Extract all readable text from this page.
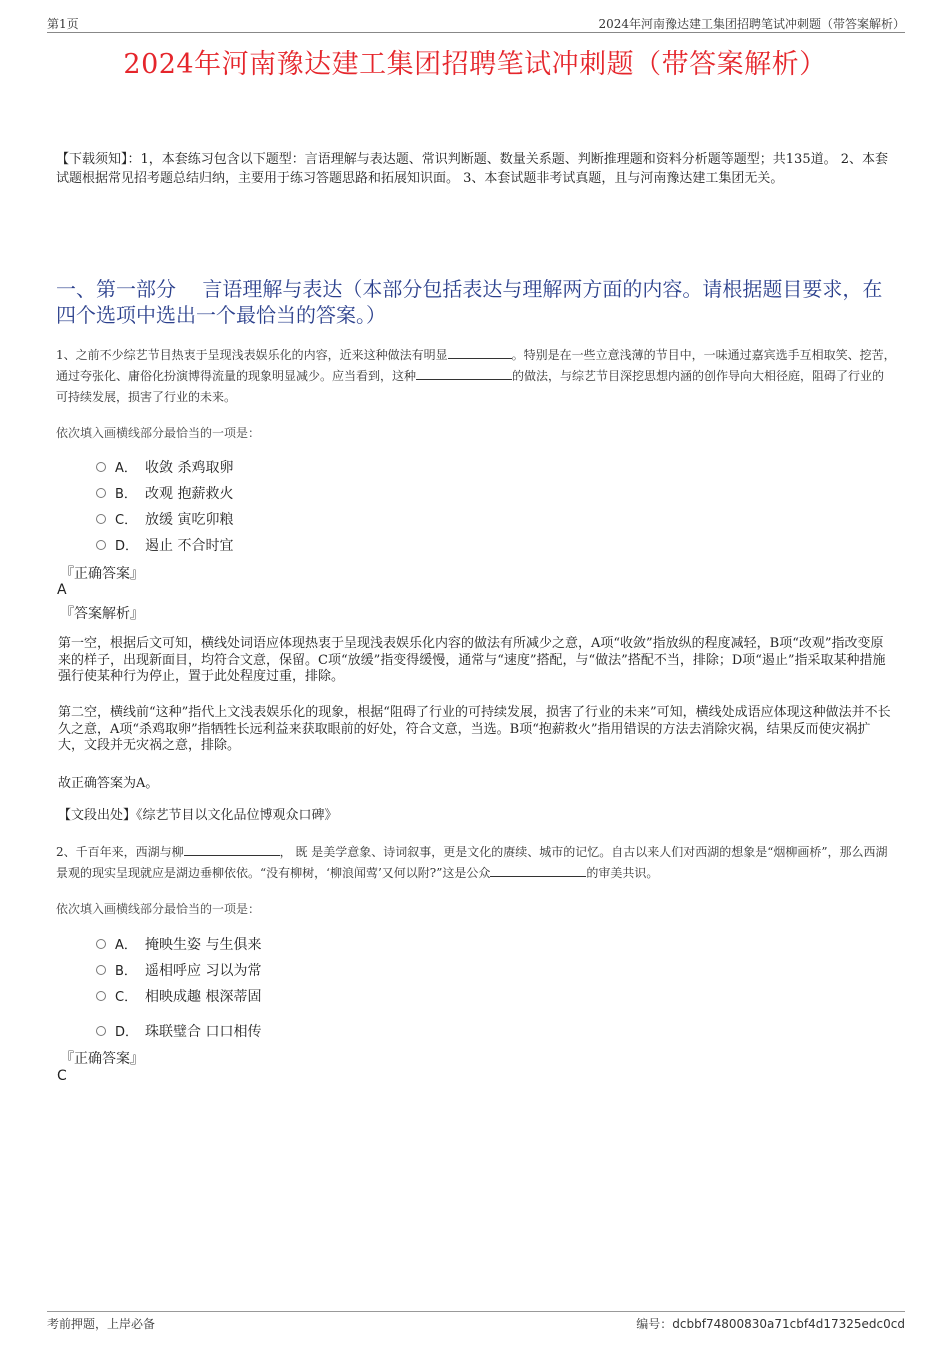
第1页	2024年河南豫达建工集团招聘笔试冲刺题（带答案解析）
2024年河南豫达建工集团招聘笔试冲刺题（带答案解析）

【下载须知】：1，本套练习包含以下题型：言语理解与表达题、常识判断题、数量关系题、判断推理题和资料分析题等题型；共135道。 2、本套试题根据常见招考题总结归纳，主要用于练习答题思路和拓展知识面。 3、本套试题非考试真题，且与河南豫达建工集团无关。

一、第一部分　 言语理解与表达（本部分包括表达与理解两方面的内容。请根据题目要求，在四个选项中选出一个最恰当的答案。）

1、之前不少综艺节目热衷于呈现浅表娱乐化的内容，近来这种做法有明显	。特别是在一些立意浅薄的节目中，一味通过嘉宾选手互相取笑、挖苦，通过夸张化、庸俗化扮演博得流量的现象明显减少。应当看到，这种	的做法，与综艺节目深挖思想内涵的创作导向大相径庭，阻碍了行业的可持续发展，损害了行业的未来。

依次填入画横线部分最恰当的一项是：

A． 收敛 杀鸡取卵
B． 改观 抱薪救火
C． 放缓 寅吃卯粮
D． 遏止 不合时宜

『正确答案』

A

『答案解析』

第一空，根据后文可知，横线处词语应体现热衷于呈现浅表娱乐化内容的做法有所减少之意，A项“收敛”指放纵的程度减轻，B项“改观”指改变原来的样子，出现新面目，均符合文意，保留。C项“放缓”指变得缓慢，通常与“速度”搭配，与“做法”搭配不当，排除；D项“遏止”指采取某种措施强行使某种行为停止，置于此处程度过重，排除。

第二空，横线前“这种”指代上文浅表娱乐化的现象，根据“阻碍了行业的可持续发展，损害了行业的未来”可知，横线处成语应体现这种做法并不长久之意，A项“杀鸡取卵”指牺牲长远利益来获取眼前的好处，符合文意，当选。B项“抱薪救火”指用错误的方法去消除灾祸，结果反而使灾祸扩大，文段并无灾祸之意，排除。

故正确答案为A。

【文段出处】《综艺节目以文化品位博观众口碑》

2、千百年来，西湖与柳	， 既 是美学意象、诗词叙事，更是文化的赓续、城市的记忆。自古以来人们对西湖的想象是“烟柳画桥”，那么西湖景观的现实呈现就应是湖边垂柳依依。“没有柳树，‘柳浪闻莺’又何以附?”这是公众	的审美共识。

依次填入画横线部分最恰当的一项是：

A． 掩映生姿 与生俱来
B． 遥相呼应 习以为常
C． 相映成趣 根深蒂固
D． 珠联璧合 口口相传

『正确答案』

C

考前押题，上岸必备	编号：dcbbf74800830a71cbf4d17325edc0cd
